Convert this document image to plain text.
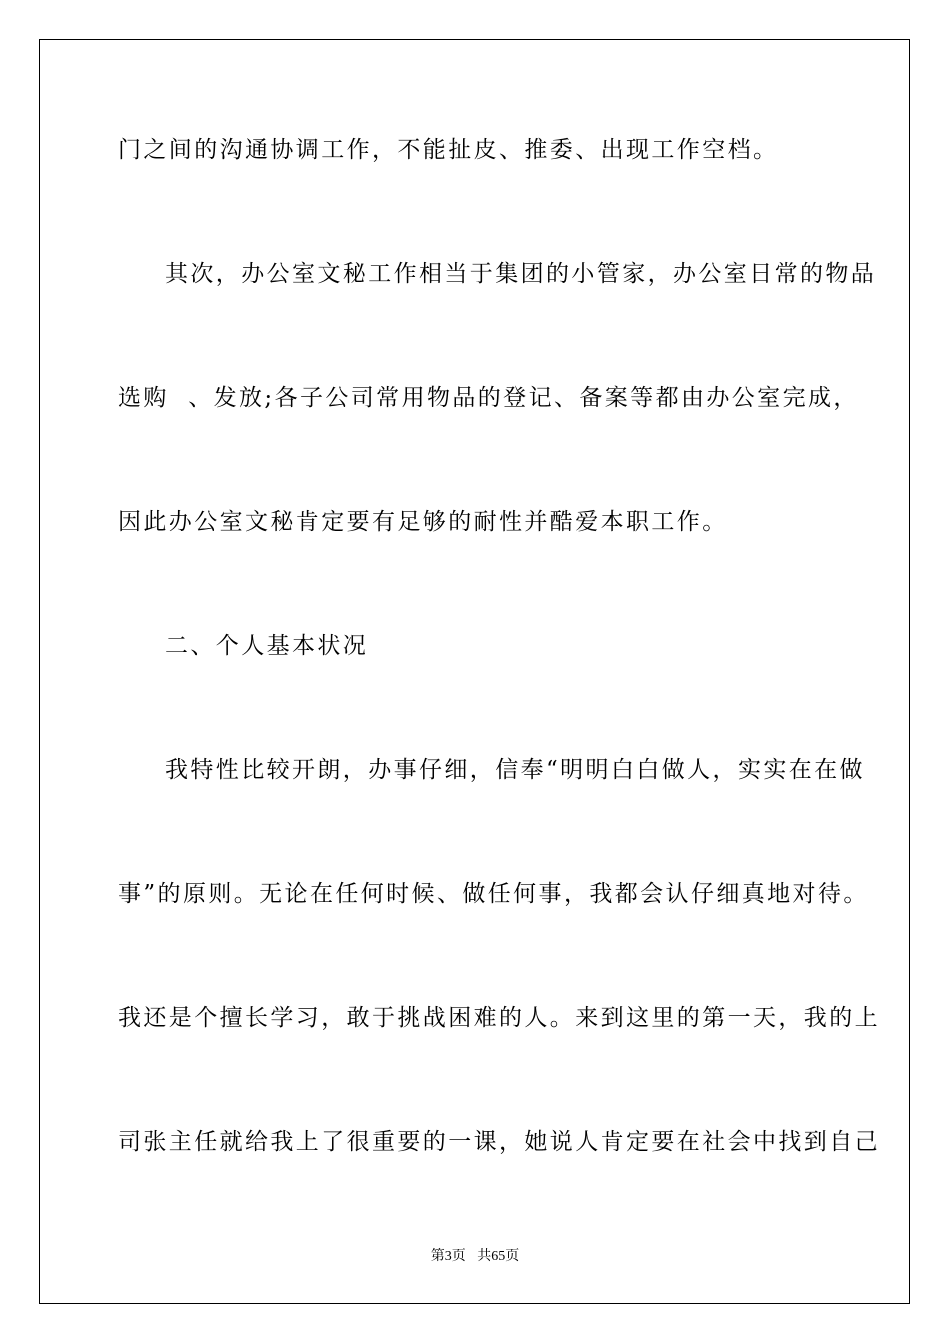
门之间的沟通协调工作，不能扯皮、推委、出现工作空档。
其次，办公室文秘工作相当于集团的小管家，办公室日常的物品
选购  、发放;各子公司常用物品的登记、备案等都由办公室完成，
因此办公室文秘肯定要有足够的耐性并酷爱本职工作。
二、个人基本状况
我特性比较开朗，办事仔细，信奉“明明白白做人，实实在在做
事”的原则。无论在任何时候、做任何事，我都会认仔细真地对待。
我还是个擅长学习，敢于挑战困难的人。来到这里的第一天，我的上
司张主任就给我上了很重要的一课，她说人肯定要在社会中找到自己
第3页 共65页
